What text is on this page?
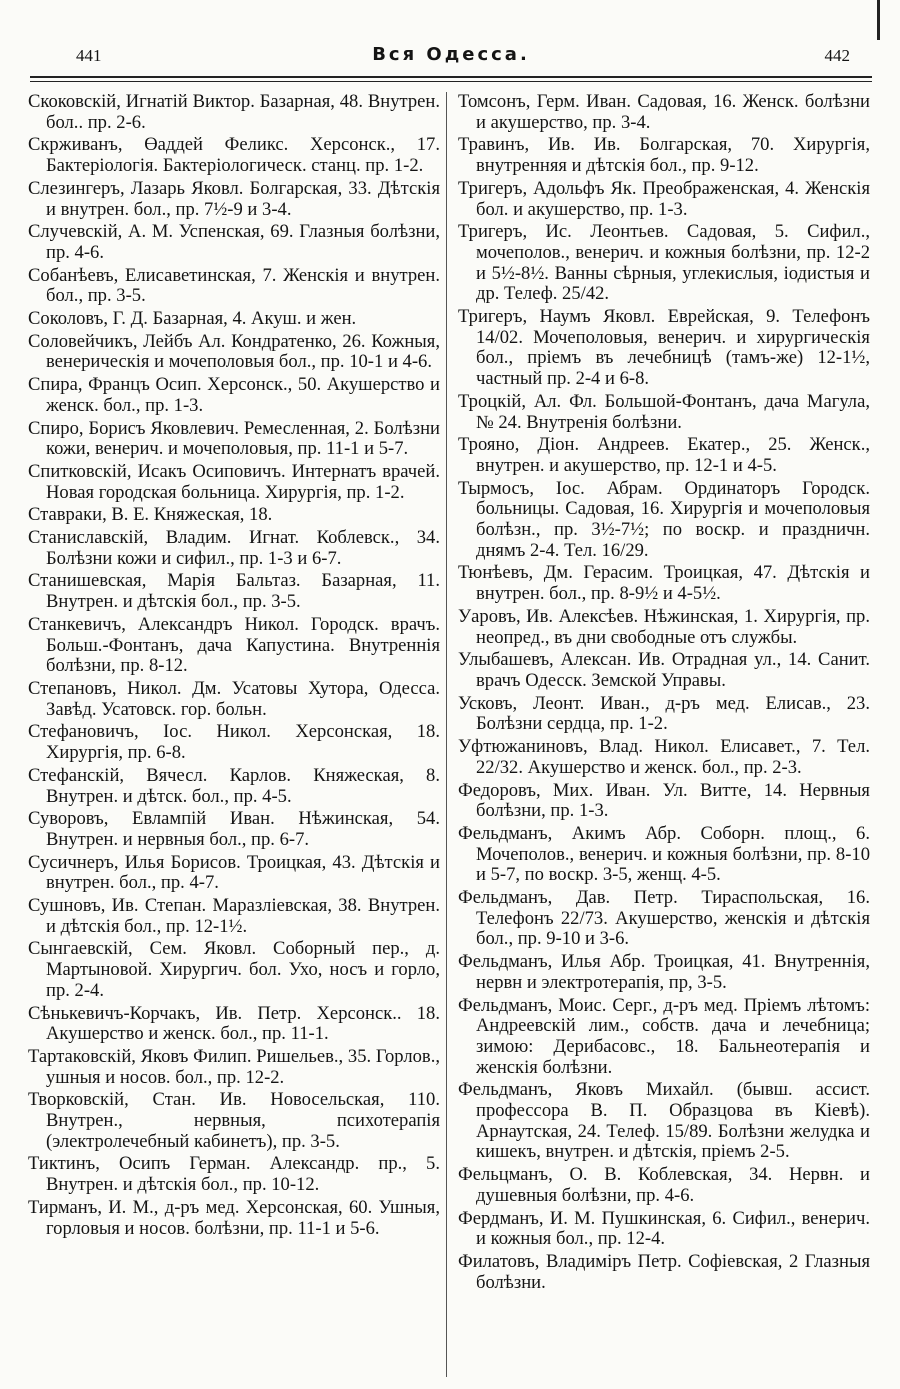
441	Вся Одесса.	442

Скоковскій, Игнатій Виктор. Базарная, 48. Внутрен. бол.. пр. 2-6.

Скрживанъ, Өаддей Феликс. Херсонск., 17. Бактеріологія. Бактеріологическ. станц. пр. 1-2.

Слезингеръ, Лазарь Яковл. Болгарская, 33. Дѣтскія и внутрен. бол., пр. 7½-9 и 3-4.

Случевскій, А. М. Успенская, 69. Глазныя болѣзни, пр. 4-6.

Собанѣевъ, Елисаветинская, 7. Женскія и внутрен. бол., пр. 3-5.

Соколовъ, Г. Д. Базарная, 4. Акуш. и жен.

Соловейчикъ, Лейбъ Ал. Кондратенко, 26. Кожныя, венерическія и мочеполовыя бол., пр. 10-1 и 4-6.

Спира, Францъ Осип. Херсонск., 50. Акушерство и женск. бол., пр. 1-3.

Спиро, Борисъ Яковлевич. Ремесленная, 2. Болѣзни кожи, венерич. и мочеполовыя, пр. 11-1 и 5-7.

Спитковскій, Исакъ Осиповичъ. Интернатъ врачей. Новая городская больница. Хирургія, пр. 1-2.

Ставраки, В. Е. Княжеская, 18.

Станиславскій, Владим. Игнат. Коблевск., 34. Болѣзни кожи и сифил., пр. 1-3 и 6-7.

Станишевская, Марія Бальтаз. Базарная, 11. Внутрен. и дѣтскія бол., пр. 3-5.

Станкевичъ, Александръ Никол. Городск. врачъ. Больш.-Фонтанъ, дача Капустина. Внутреннія болѣзни, пр. 8-12.

Степановъ, Никол. Дм. Усатовы Хутора, Одесса. Завѣд. Усатовск. гор. больн.

Стефановичъ, Іос. Никол. Херсонская, 18. Хирургія, пр. 6-8.

Стефанскій, Вячесл. Карлов. Княжеская, 8. Внутрен. и дѣтск. бол., пр. 4-5.

Суворовъ, Евлампій Иван. Нѣжинская, 54. Внутрен. и нервныя бол., пр. 6-7.

Сусичнеръ, Илья Борисов. Троицкая, 43. Дѣтскія и внутрен. бол., пр. 4-7.

Сушновъ, Ив. Степан. Маразліевская, 38. Внутрен. и дѣтскія бол., пр. 12-1½.

Сынгаевскій, Сем. Яковл. Соборный пер., д. Мартыновой. Хирургич. бол. Ухо, носъ и горло, пр. 2-4.

Сѣнькевичъ-Корчакъ, Ив. Петр. Херсонск.. 18. Акушерство и женск. бол., пр. 11-1.

Тартаковскій, Яковъ Филип. Ришельев., 35. Горлов., ушныя и носов. бол., пр. 12-2.

Творковскій, Стан. Ив. Новосельская, 110. Внутрен., нервныя, психотерапія (электролечебный кабинетъ), пр. 3-5.

Тиктинъ, Осипъ Герман. Александр. пр., 5. Внутрен. и дѣтскія бол., пр. 10-12.

Тирманъ, И. М., д-ръ мед. Херсонская, 60. Ушныя, горловыя и носов. болѣзни, пр. 11-1 и 5-6.

Томсонъ, Герм. Иван. Садовая, 16. Женск. болѣзни и акушерство, пр. 3-4.

Травинъ, Ив. Ив. Болгарская, 70. Хирургія, внутренняя и дѣтскія бол., пр. 9-12.

Тригеръ, Адольфъ Як. Преображенская, 4. Женскія бол. и акушерство, пр. 1-3.

Тригеръ, Ис. Леонтьев. Садовая, 5. Сифил., мочеполов., венерич. и кожныя болѣзни, пр. 12-2 и 5½-8½. Ванны сѣрныя, углекислыя, іодистыя и др. Телеф. 25/42.

Тригеръ, Наумъ Яковл. Еврейская, 9. Телефонъ 14/02. Мочеполовыя, венерич. и хирургическія бол., пріемъ въ лечебницѣ (тамъ-же) 12-1½, частный пр. 2-4 и 6-8.

Троцкій, Ал. Фл. Большой-Фонтанъ, дача Магула, № 24. Внутренія болѣзни.

Трояно, Діон. Андреев. Екатер., 25. Женск., внутрен. и акушерство, пр. 12-1 и 4-5.

Тырмосъ, Іос. Абрам. Ординаторъ Городск. больницы. Садовая, 16. Хирургія и мочеполовыя болѣзн., пр. 3½-7½; по воскр. и праздничн. днямъ 2-4. Тел. 16/29.

Тюнѣевъ, Дм. Герасим. Троицкая, 47. Дѣтскія и внутрен. бол., пр. 8-9½ и 4-5½.

Уаровъ, Ив. Алексѣев. Нѣжинская, 1. Хирургія, пр. неопред., въ дни свободные отъ службы.

Улыбашевъ, Алексан. Ив. Отрадная ул., 14. Санит. врачъ Одесск. Земской Управы.

Усковъ, Леонт. Иван., д-ръ мед. Елисав., 23. Болѣзни сердца, пр. 1-2.

Уфтюжаниновъ, Влад. Никол. Елисавет., 7. Тел. 22/32. Акушерство и женск. бол., пр. 2-3.

Федоровъ, Мих. Иван. Ул. Витте, 14. Нервныя болѣзни, пр. 1-3.

Фельдманъ, Акимъ Абр. Соборн. площ., 6. Мочеполов., венерич. и кожныя болѣзни, пр. 8-10 и 5-7, по воскр. 3-5, женщ. 4-5.

Фельдманъ, Дав. Петр. Тираспольская, 16. Телефонъ 22/73. Акушерство, женскія и дѣтскія бол., пр. 9-10 и 3-6.

Фельдманъ, Илья Абр. Троицкая, 41. Внутреннія, нервн и электротерапія, пр, 3-5.

Фельдманъ, Моис. Серг., д-ръ мед. Пріемъ лѣтомъ: Андреевскій лим., собств. дача и лечебница; зимою: Дерибасовс., 18. Бальнеотерапія и женскія болѣзни.

Фельдманъ, Яковъ Михайл. (бывш. ассист. профессора В. П. Образцова въ Кіевѣ). Арнаутская, 24. Телеф. 15/89. Болѣзни желудка и кишекъ, внутрен. и дѣтскія, пріемъ 2-5.

Фельцманъ, О. В. Коблевская, 34. Нервн. и душевныя болѣзни, пр. 4-6.

Фердманъ, И. М. Пушкинская, 6. Сифил., венерич. и кожныя бол., пр. 12-4.

Филатовъ, Владиміръ Петр. Софіевская, 2 Глазныя болѣзни.
